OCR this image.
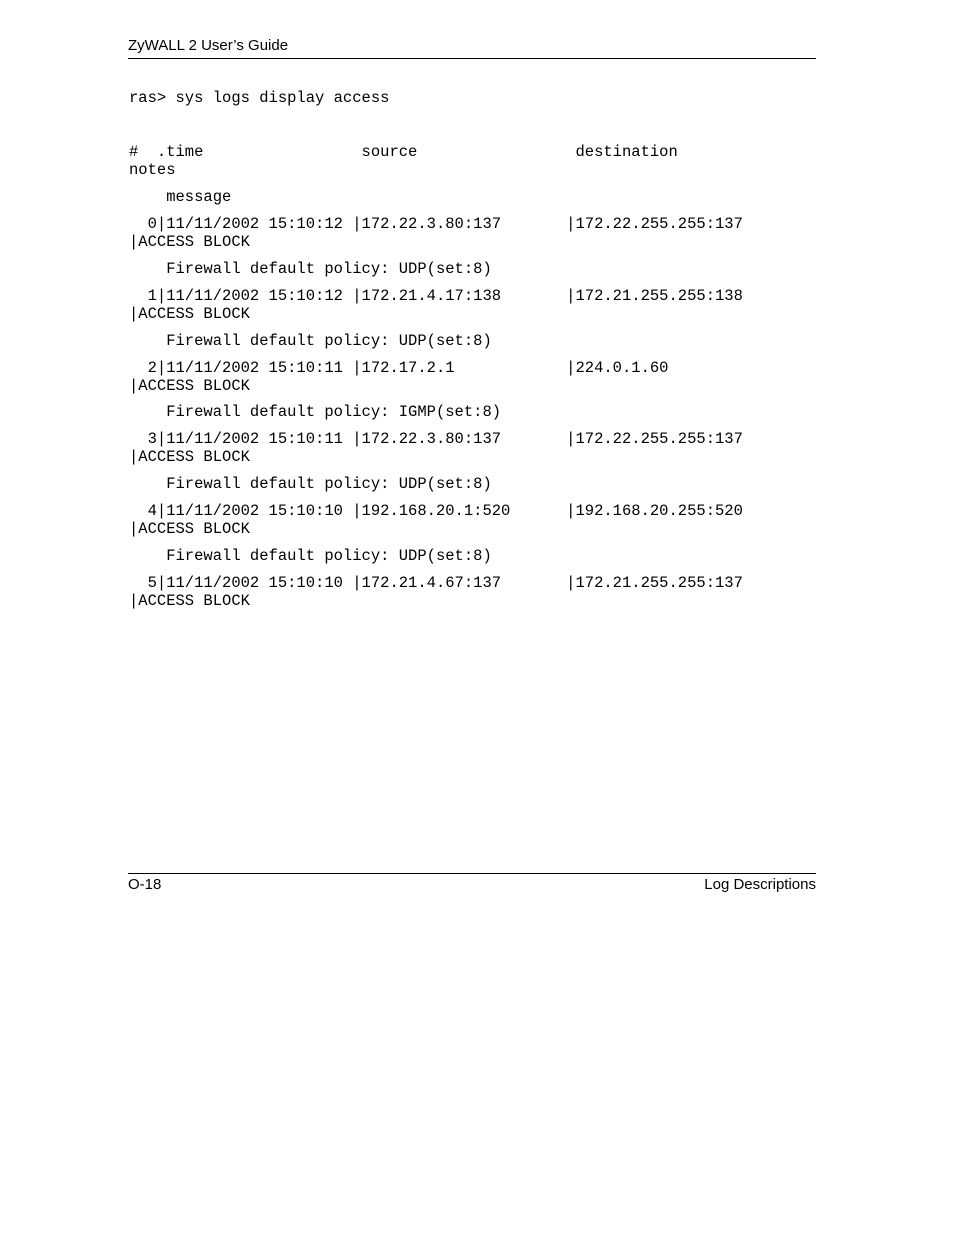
ZyWALL 2 User’s Guide
ras> sys logs display access
#  .time                 source                 destination
notes
message
0|11/11/2002 15:10:12 |172.22.3.80:137       |172.22.255.255:137
|ACCESS BLOCK
Firewall default policy: UDP(set:8)
1|11/11/2002 15:10:12 |172.21.4.17:138       |172.21.255.255:138
|ACCESS BLOCK
Firewall default policy: UDP(set:8)
2|11/11/2002 15:10:11 |172.17.2.1            |224.0.1.60
|ACCESS BLOCK
Firewall default policy: IGMP(set:8)
3|11/11/2002 15:10:11 |172.22.3.80:137       |172.22.255.255:137
|ACCESS BLOCK
Firewall default policy: UDP(set:8)
4|11/11/2002 15:10:10 |192.168.20.1:520      |192.168.20.255:520
|ACCESS BLOCK
Firewall default policy: UDP(set:8)
5|11/11/2002 15:10:10 |172.21.4.67:137       |172.21.255.255:137
|ACCESS BLOCK
O-18	Log Descriptions
